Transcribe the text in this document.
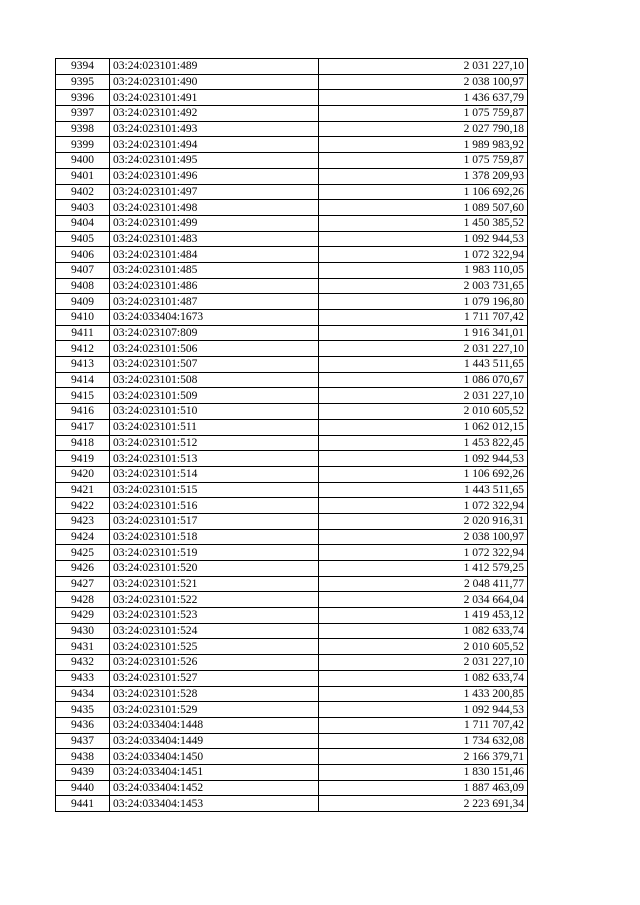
9394	03:24:023101:489	2 031 227,10
9395	03:24:023101:490	2 038 100,97
9396	03:24:023101:491	1 436 637,79
9397	03:24:023101:492	1 075 759,87
9398	03:24:023101:493	2 027 790,18
9399	03:24:023101:494	1 989 983,92
9400	03:24:023101:495	1 075 759,87
9401	03:24:023101:496	1 378 209,93
9402	03:24:023101:497	1 106 692,26
9403	03:24:023101:498	1 089 507,60
9404	03:24:023101:499	1 450 385,52
9405	03:24:023101:483	1 092 944,53
9406	03:24:023101:484	1 072 322,94
9407	03:24:023101:485	1 983 110,05
9408	03:24:023101:486	2 003 731,65
9409	03:24:023101:487	1 079 196,80
9410	03:24:033404:1673	1 711 707,42
9411	03:24:023107:809	1 916 341,01
9412	03:24:023101:506	2 031 227,10
9413	03:24:023101:507	1 443 511,65
9414	03:24:023101:508	1 086 070,67
9415	03:24:023101:509	2 031 227,10
9416	03:24:023101:510	2 010 605,52
9417	03:24:023101:511	1 062 012,15
9418	03:24:023101:512	1 453 822,45
9419	03:24:023101:513	1 092 944,53
9420	03:24:023101:514	1 106 692,26
9421	03:24:023101:515	1 443 511,65
9422	03:24:023101:516	1 072 322,94
9423	03:24:023101:517	2 020 916,31
9424	03:24:023101:518	2 038 100,97
9425	03:24:023101:519	1 072 322,94
9426	03:24:023101:520	1 412 579,25
9427	03:24:023101:521	2 048 411,77
9428	03:24:023101:522	2 034 664,04
9429	03:24:023101:523	1 419 453,12
9430	03:24:023101:524	1 082 633,74
9431	03:24:023101:525	2 010 605,52
9432	03:24:023101:526	2 031 227,10
9433	03:24:023101:527	1 082 633,74
9434	03:24:023101:528	1 433 200,85
9435	03:24:023101:529	1 092 944,53
9436	03:24:033404:1448	1 711 707,42
9437	03:24:033404:1449	1 734 632,08
9438	03:24:033404:1450	2 166 379,71
9439	03:24:033404:1451	1 830 151,46
9440	03:24:033404:1452	1 887 463,09
9441	03:24:033404:1453	2 223 691,34
